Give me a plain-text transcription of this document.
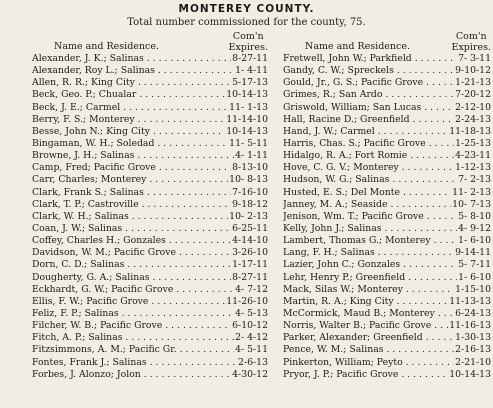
MONTEREY COUNTY.
Total number commissioned for the county, 75.
Name and Residence.
Com'n
Expires.
Alexander, J. K.; Salinas . . .	8-27-11
Alexander, Roy L.; Salinas . . .	1- 4-11
Allen, R. R.; King City . . .	5-17-13
Beck, Geo. P.; Chualar . . .	10-14-13
Beck, J. E.; Carmel . . .	11- 1-13
Berry, F. S.; Monterey . . .	11-14-10
Besse, John N.; King City . . .	10-14-13
Bingaman, W. H.; Soledad . . .	11- 5-11
Browne, J. H.; Salinas . . .	4- 1-11
Camp, Fred; Pacific Grove . . .	8-13-10
Carr, Charles; Monterey . . .	10- 8-13
Clark, Frank S.; Salinas . . .	7-16-10
Clark, T. P.; Castroville . . .	9-18-12
Clark, W. H.; Salinas . . .	10- 2-13
Coan, J. W.; Salinas . . .	6-25-11
Coffey, Charles H.; Gonzales . . .	4-14-10
Davidson, W. M.; Pacific Grove . . .	3-26-10
Dorn, C. D.; Salinas . . .	1-17-11
Dougherty, G. A.; Salinas . . .	8-27-11
Eckhardt, G. W.; Pacific Grove . . .	4- 7-12
Ellis, F. W.; Pacific Grove . . .	11-26-10
Feliz, F. P.; Salinas . . .	4- 5-13
Filcher, W. B.; Pacific Grove . . .	6-10-12
Fitch, A. P.; Salinas . . .	2- 4-12
Fitzsimmons, A. M.; Pacific Gr. . . .	4- 5-11
Fontes, Frank J.; Salinas . . .	2-6-13
Forbes, J. Alonzo; Jolon . . .	4-30-12
Name and Residence.
Com'n
Expires.
Fretwell, John W.; Parkfield . . .	7- 3-11
Gandy, C. W.; Spreckels . . .	9-10-12
Gould, Jr., G. S.; Pacific Grove . . .	1-21-13
Grimes, R.; San Ardo . . .	7-20-12
Griswold, William; San Lucas . . .	2-12-10
Hall, Racine D.; Greenfield . . .	2-24-13
Hand, J. W.; Carmel . . .	11-18-13
Harris, Chas. S.; Pacific Grove . . .	1-25-13
Hidalgo, R. A.; Fort Romie . . .	4-23-11
Hove, C. G. V.; Monterey . . .	1-12-13
Hudson, W. G.; Salinas . . .	7- 2-13
Husted, E. S.; Del Monte . . .	11- 2-13
Janney, M. A.; Seaside . . .	10- 7-13
Jenison, Wm. T.; Pacific Grove . . .	5- 8-10
Kelly, John J.; Salinas . . .	4- 9-12
Lambert, Thomas G.; Monterey . . .	1- 6-10
Lang, F. H.; Salinas . . .	9-14-11
Lazier, John C.; Gonzales . . .	5- 7-11
Lehr, Henry P.; Greenfield . . .	1- 6-10
Mack, Silas W.; Monterey . . .	1-15-10
Martin, R. A.; King City . . .	11-13-13
McCormick, Maud B.; Monterey . . .	6-24-13
Norris, Walter B.; Pacific Grove . . .	11-16-13
Parker, Alexander; Greenfield . . .	1-30-13
Pence, W. M.; Salinas . . .	2-16-13
Pinkerton, William; Peyto . . .	2-21-10
Pryor, J. P.; Pacific Grove . . .	10-14-13
